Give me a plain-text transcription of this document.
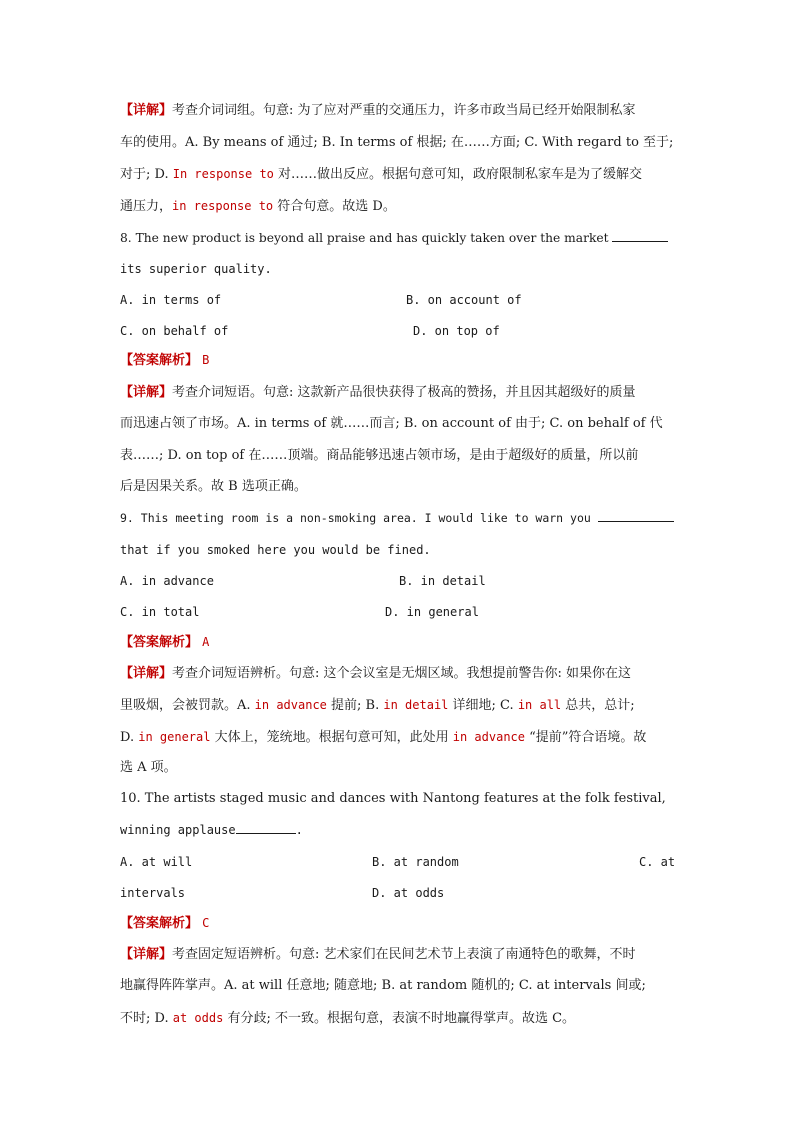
【详解】考查介词词组。句意: 为了应对严重的交通压力，许多市政当局已经开始限制私家
车的使用。A. By means of 通过; B. In terms of 根据; 在……方面; C. With regard to 至于;
对于; D. In response to 对……做出反应。根据句意可知，政府限制私家车是为了缓解交
通压力，in response to 符合句意。故选 D。
8. The new product is beyond all praise and has quickly taken over the market
its superior quality.
A. in terms of	B. on account of
C. on behalf of	D. on top of
【答案解析】 B
【详解】考查介词短语。句意: 这款新产品很快获得了极高的赞扬，并且因其超级好的质量
而迅速占领了市场。A. in terms of 就……而言; B. on account of 由于; C. on behalf of 代
表……; D. on top of 在……顶端。商品能够迅速占领市场，是由于超级好的质量，所以前
后是因果关系。故 B 选项正确。
9. This meeting room is a non-smoking area. I would like to warn you
that if you smoked here you would be fined.
A. in advance	B. in detail
C. in total	D. in general
【答案解析】 A
【详解】考查介词短语辨析。句意: 这个会议室是无烟区域。我想提前警告你: 如果你在这
里吸烟，会被罚款。A. in advance 提前; B. in detail 详细地; C. in all 总共，总计;
D. in general 大体上，笼统地。根据句意可知，此处用 in advance “提前”符合语境。故
选 A 项。
10. The artists staged music and dances with Nantong features at the folk festival,
winning applause	.
A. at will	B. at random	C. at
intervals	D. at odds
【答案解析】 C
【详解】考查固定短语辨析。句意: 艺术家们在民间艺术节上表演了南通特色的歌舞，不时
地赢得阵阵掌声。A. at will 任意地; 随意地; B. at random 随机的; C. at intervals 间或;
不时; D. at odds 有分歧; 不一致。根据句意，表演不时地赢得掌声。故选 C。
